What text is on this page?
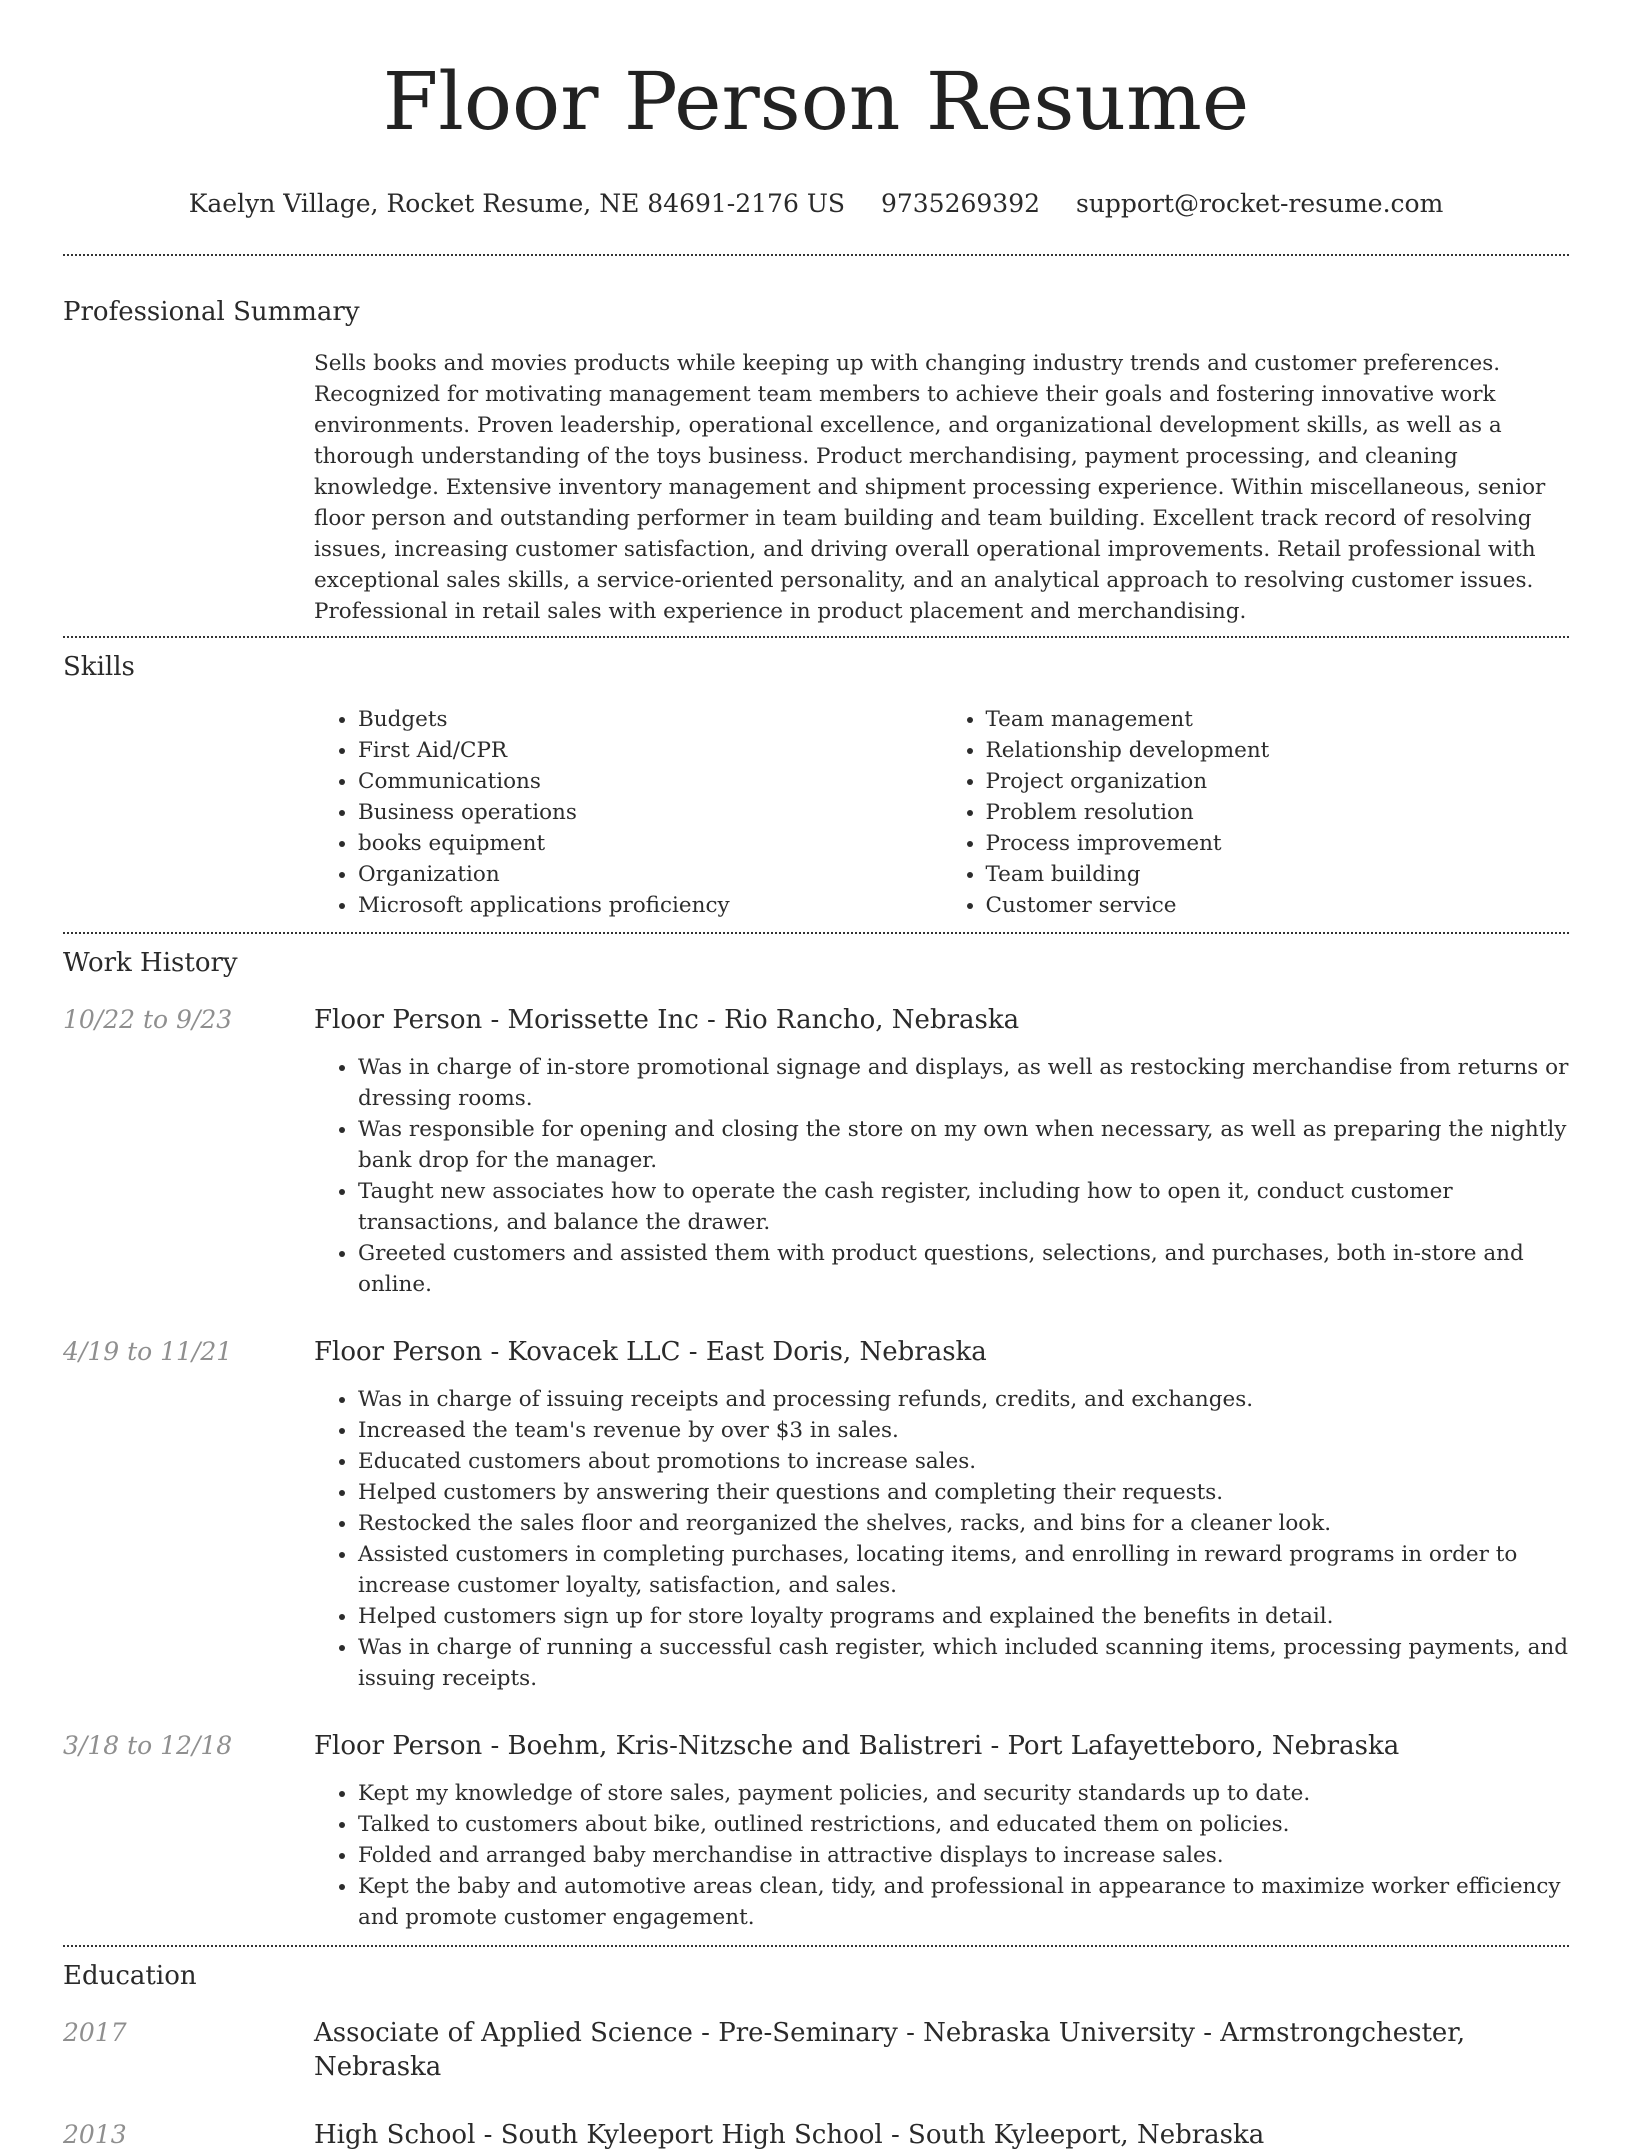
Floor Person Resume
Kaelyn Village, Rocket Resume, NE 84691-2176 US 9735269392 support@rocket-resume.com
Professional Summary

Sells books and movies products while keeping up with changing industry trends and customer preferences. Recognized for motivating management team members to achieve their goals and fostering innovative work environments. Proven leadership, operational excellence, and organizational development skills, as well as a thorough understanding of the toys business. Product merchandising, payment processing, and cleaning knowledge. Extensive inventory management and shipment processing experience. Within miscellaneous, senior floor person and outstanding performer in team building and team building. Excellent track record of resolving issues, increasing customer satisfaction, and driving overall operational improvements. Retail professional with exceptional sales skills, a service-oriented personality, and an analytical approach to resolving customer issues. Professional in retail sales with experience in product placement and merchandising.

Skills
• Budgets
• First Aid/CPR
• Communications
• Business operations
• books equipment
• Organization
• Microsoft applications proficiency
• Team management
• Relationship development
• Project organization
• Problem resolution
• Process improvement
• Team building
• Customer service
Work History
10/22 to 9/23	Floor Person - Morissette Inc - Rio Rancho, Nebraska
• Was in charge of in-store promotional signage and displays, as well as restocking merchandise from returns or dressing rooms.
• Was responsible for opening and closing the store on my own when necessary, as well as preparing the nightly bank drop for the manager.
• Taught new associates how to operate the cash register, including how to open it, conduct customer transactions, and balance the drawer.
• Greeted customers and assisted them with product questions, selections, and purchases, both in-store and online.
4/19 to 11/21	Floor Person - Kovacek LLC - East Doris, Nebraska
• Was in charge of issuing receipts and processing refunds, credits, and exchanges.
• Increased the team's revenue by over $3 in sales.
• Educated customers about promotions to increase sales.
• Helped customers by answering their questions and completing their requests.
• Restocked the sales floor and reorganized the shelves, racks, and bins for a cleaner look.
• Assisted customers in completing purchases, locating items, and enrolling in reward programs in order to increase customer loyalty, satisfaction, and sales.
• Helped customers sign up for store loyalty programs and explained the benefits in detail.
• Was in charge of running a successful cash register, which included scanning items, processing payments, and issuing receipts.
3/18 to 12/18	Floor Person - Boehm, Kris-Nitzsche and Balistreri - Port Lafayetteboro, Nebraska
• Kept my knowledge of store sales, payment policies, and security standards up to date.
• Talked to customers about bike, outlined restrictions, and educated them on policies.
• Folded and arranged baby merchandise in attractive displays to increase sales.
• Kept the baby and automotive areas clean, tidy, and professional in appearance to maximize worker efficiency and promote customer engagement.
Education
2017	Associate of Applied Science - Pre-Seminary - Nebraska University - Armstrongchester, Nebraska
2013	High School - South Kyleeport High School - South Kyleeport, Nebraska
